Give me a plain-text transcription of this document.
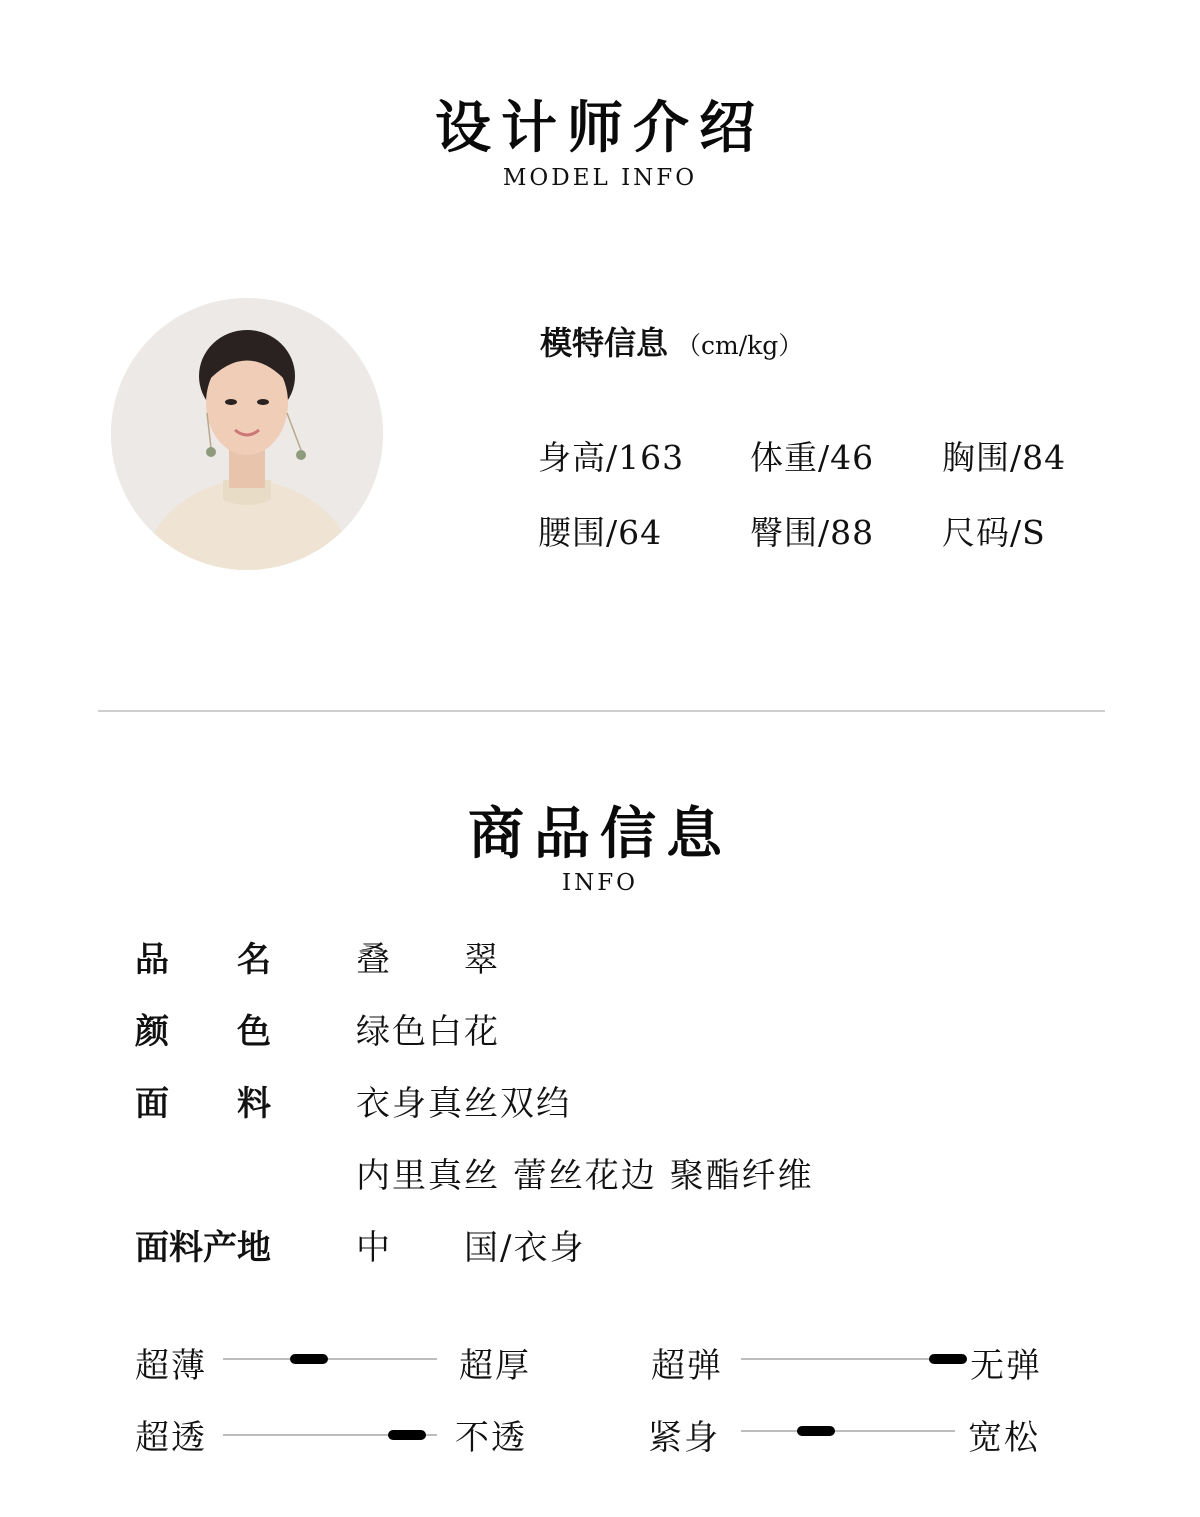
设计师介绍
MODEL INFO
模特信息 （cm/kg）
身高/163 体重/46 胸围/84
腰围/64	臀围/88 尺码/S
商品信息
INFO
品  名	叠  翠
颜  色	绿色白花
面  料	衣身真丝双绉
内里真丝 蕾丝花边 聚酯纤维
面料产地	中  国/衣身
超薄	超厚	超弹	无弹
超透	不透	紧身	宽松
